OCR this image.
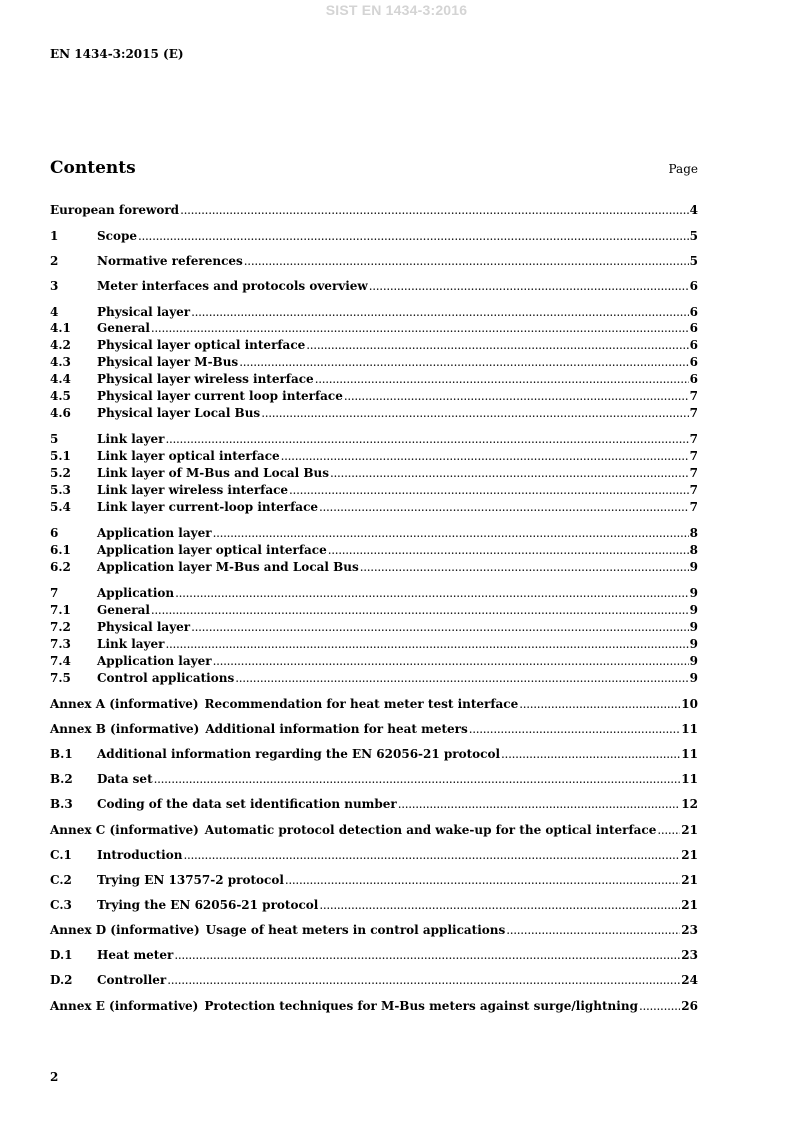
SIST EN 1434-3:2016
EN 1434-3:2015 (E)
Contents	Page
European foreword .....	4
1	Scope .....	5
2	Normative references .....	5
3	Meter interfaces and protocols overview .....	6
4	Physical layer .....	6
4.1	General .....	6
4.2	Physical layer optical interface .....	6
4.3	Physical layer M-Bus .....	6
4.4	Physical layer wireless interface .....	6
4.5	Physical layer current loop interface .....	7
4.6	Physical layer Local Bus .....	7
5	Link layer .....	7
5.1	Link layer optical interface .....	7
5.2	Link layer of M-Bus and Local Bus .....	7
5.3	Link layer wireless interface .....	7
5.4	Link layer current-loop interface .....	7
6	Application layer .....	8
6.1	Application layer optical interface .....	8
6.2	Application layer M-Bus and Local Bus .....	9
7	Application .....	9
7.1	General .....	9
7.2	Physical layer .....	9
7.3	Link layer .....	9
7.4	Application layer .....	9
7.5	Control applications .....	9
Annex A (informative) Recommendation for heat meter test interface .....	10
Annex B (informative) Additional information for heat meters .....	11
B.1	Additional information regarding the EN 62056-21 protocol .....	11
B.2	Data set .....	11
B.3	Coding of the data set identification number .....	12
Annex C (informative) Automatic protocol detection and wake-up for the optical interface ..... 21
C.1	Introduction .....	21
C.2	Trying EN 13757-2 protocol .....	21
C.3	Trying the EN 62056-21 protocol .....	21
Annex D (informative) Usage of heat meters in control applications .....	23
D.1	Heat meter .....	23
D.2	Controller .....	24
Annex E (informative) Protection techniques for M-Bus meters against surge/lightning .....	26
2
